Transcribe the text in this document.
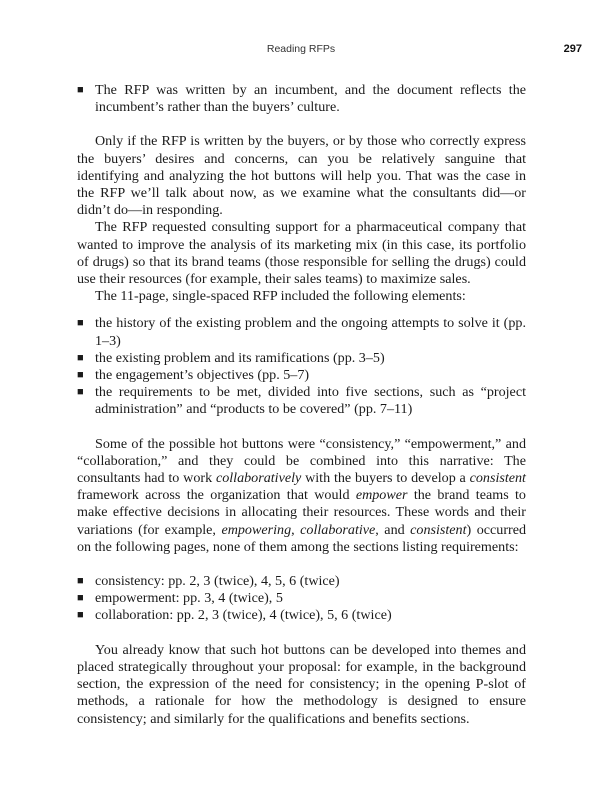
Reading RFPs	297
■ The RFP was written by an incumbent, and the document reflects the incumbent’s rather than the buyers’ culture.

Only if the RFP is written by the buyers, or by those who correctly express the buyers’ desires and concerns, can you be relatively sanguine that identifying and analyzing the hot buttons will help you. That was the case in the RFP we’ll talk about now, as we examine what the consultants did—or didn’t do—in responding.

The RFP requested consulting support for a pharmaceutical company that wanted to improve the analysis of its marketing mix (in this case, its portfolio of drugs) so that its brand teams (those responsible for selling the drugs) could use their resources (for example, their sales teams) to maximize sales.

The 11-page, single-spaced RFP included the following elements:

■ the history of the existing problem and the ongoing attempts to solve it (pp. 1–3)
■ the existing problem and its ramifications (pp. 3–5)
■ the engagement’s objectives (pp. 5–7)
■ the requirements to be met, divided into five sections, such as “project administration” and “products to be covered” (pp. 7–11)

Some of the possible hot buttons were “consistency,” “empowerment,” and “collaboration,” and they could be combined into this narrative: The consultants had to work collaboratively with the buyers to develop a consistent framework across the organization that would empower the brand teams to make effective decisions in allocating their resources. These words and their variations (for example, empowering, collaborative, and consistent) occurred on the following pages, none of them among the sections listing requirements:

■ consistency: pp. 2, 3 (twice), 4, 5, 6 (twice)
■ empowerment: pp. 3, 4 (twice), 5
■ collaboration: pp. 2, 3 (twice), 4 (twice), 5, 6 (twice)

You already know that such hot buttons can be developed into themes and placed strategically throughout your proposal: for example, in the background section, the expression of the need for consistency; in the opening P-slot of methods, a rationale for how the methodology is designed to ensure consistency; and similarly for the qualifications and benefits sections.
